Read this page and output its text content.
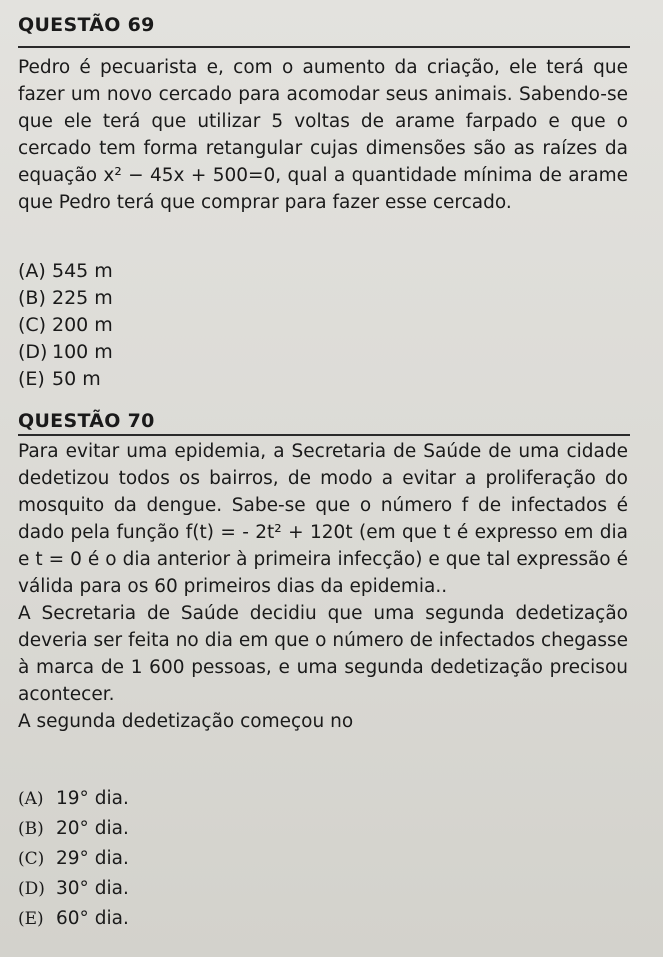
QUESTÃO 69

Pedro é pecuarista e, com o aumento da criação, ele terá que fazer um novo cercado para acomodar seus animais. Sabendo-se que ele terá que utilizar 5 voltas de arame farpado e que o cercado tem forma retangular cujas dimensões são as raízes da equação x² − 45x + 500=0, qual a quantidade mínima de arame que Pedro terá que comprar para fazer esse cercado.

(A) 545 m
(B) 225 m
(C) 200 m
(D) 100 m
(E) 50 m
QUESTÃO 70

Para evitar uma epidemia, a Secretaria de Saúde de uma cidade dedetizou todos os bairros, de modo a evitar a proliferação do mosquito da dengue. Sabe-se que o número f de infectados é dado pela função f(t) = - 2t² + 120t (em que t é expresso em dia e t = 0 é o dia anterior à primeira infecção) e que tal expressão é válida para os 60 primeiros dias da epidemia..

A Secretaria de Saúde decidiu que uma segunda dedetização deveria ser feita no dia em que o número de infectados chegasse à marca de 1 600 pessoas, e uma segunda dedetização precisou acontecer.

A segunda dedetização começou no

(A) 19° dia.
(B) 20° dia.
(C) 29° dia.
(D) 30° dia.
(E) 60° dia.
